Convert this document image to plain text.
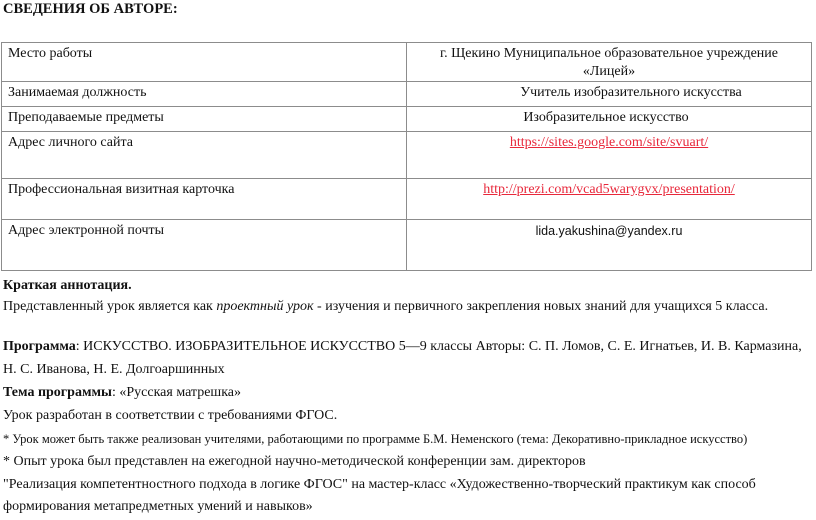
СВЕДЕНИЯ ОБ АВТОРЕ:
Место работы	г. Щекино Муниципальное образовательное учреждение «Лицей»
Занимаемая должность	Учитель изобразительного искусства
Преподаваемые предметы	Изобразительное искусство
Адрес личного сайта	https://sites.google.com/site/svuart/
Профессиональная визитная карточка	http://prezi.com/vcad5warygvx/presentation/
Адрес электронной почты	lida.yakushina@yandex.ru
Краткая аннотация.
Представленный урок является как проектный урок - изучения и первичного закрепления новых знаний для учащихся 5 класса.
Программа: ИСКУССТВО. ИЗОБРАЗИТЕЛЬНОЕ ИСКУССТВО 5—9 классы Авторы: С. П. Ломов, С. Е. Игнатьев, И. В. Кармазина,
Н. С. Иванова, Н. Е. Долгоаршинных
Тема программы: «Русская матрешка»
Урок разработан в соответствии с требованиями ФГОС.
* Урок может быть также реализован учителями, работающими по программе Б.М. Неменского (тема: Декоративно-прикладное искусство)
* Опыт урока был представлен на ежегодной научно-методической конференции зам. директоров
"Реализация компетентностного подхода в логике ФГОС" на мастер-класс «Художественно-творческий практикум как способ
формирования метапредметных умений и навыков»
